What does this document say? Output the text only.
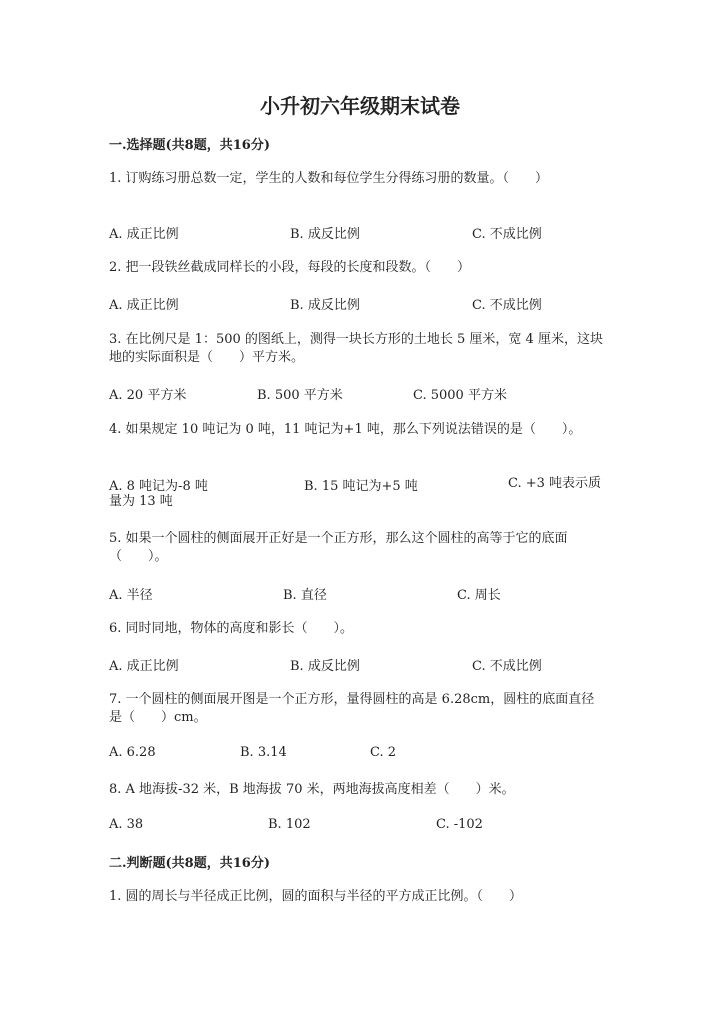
小升初六年级期末试卷
一.选择题(共8题，共16分)
1. 订购练习册总数一定，学生的人数和每位学生分得练习册的数量。（　　）
A. 成正比例	B. 成反比例	C. 不成比例
2. 把一段铁丝截成同样长的小段，每段的长度和段数。（　　）
A. 成正比例	B. 成反比例	C. 不成比例
3. 在比例尺是 1：500 的图纸上，测得一块长方形的土地长 5 厘米，宽 4 厘米，这块地的实际面积是（　　）平方米。
A. 20 平方米	B. 500 平方米	C. 5000 平方米
4. 如果规定 10 吨记为 0 吨，11 吨记为+1 吨，那么下列说法错误的是（　　）。
A. 8 吨记为-8 吨	B. 15 吨记为+5 吨	C. +3 吨表示质量为 13 吨
5. 如果一个圆柱的侧面展开正好是一个正方形，那么这个圆柱的高等于它的底面（　　）。
A. 半径	B. 直径	C. 周长
6. 同时同地，物体的高度和影长（　　）。
A. 成正比例	B. 成反比例	C. 不成比例
7. 一个圆柱的侧面展开图是一个正方形，量得圆柱的高是 6.28cm，圆柱的底面直径是（　　）cm。
A. 6.28	B. 3.14	C. 2
8. A 地海拔-32 米，B 地海拔 70 米，两地海拔高度相差（　　）米。
A. 38	B. 102	C. -102
二.判断题(共8题，共16分)
1. 圆的周长与半径成正比例，圆的面积与半径的平方成正比例。（　　）
